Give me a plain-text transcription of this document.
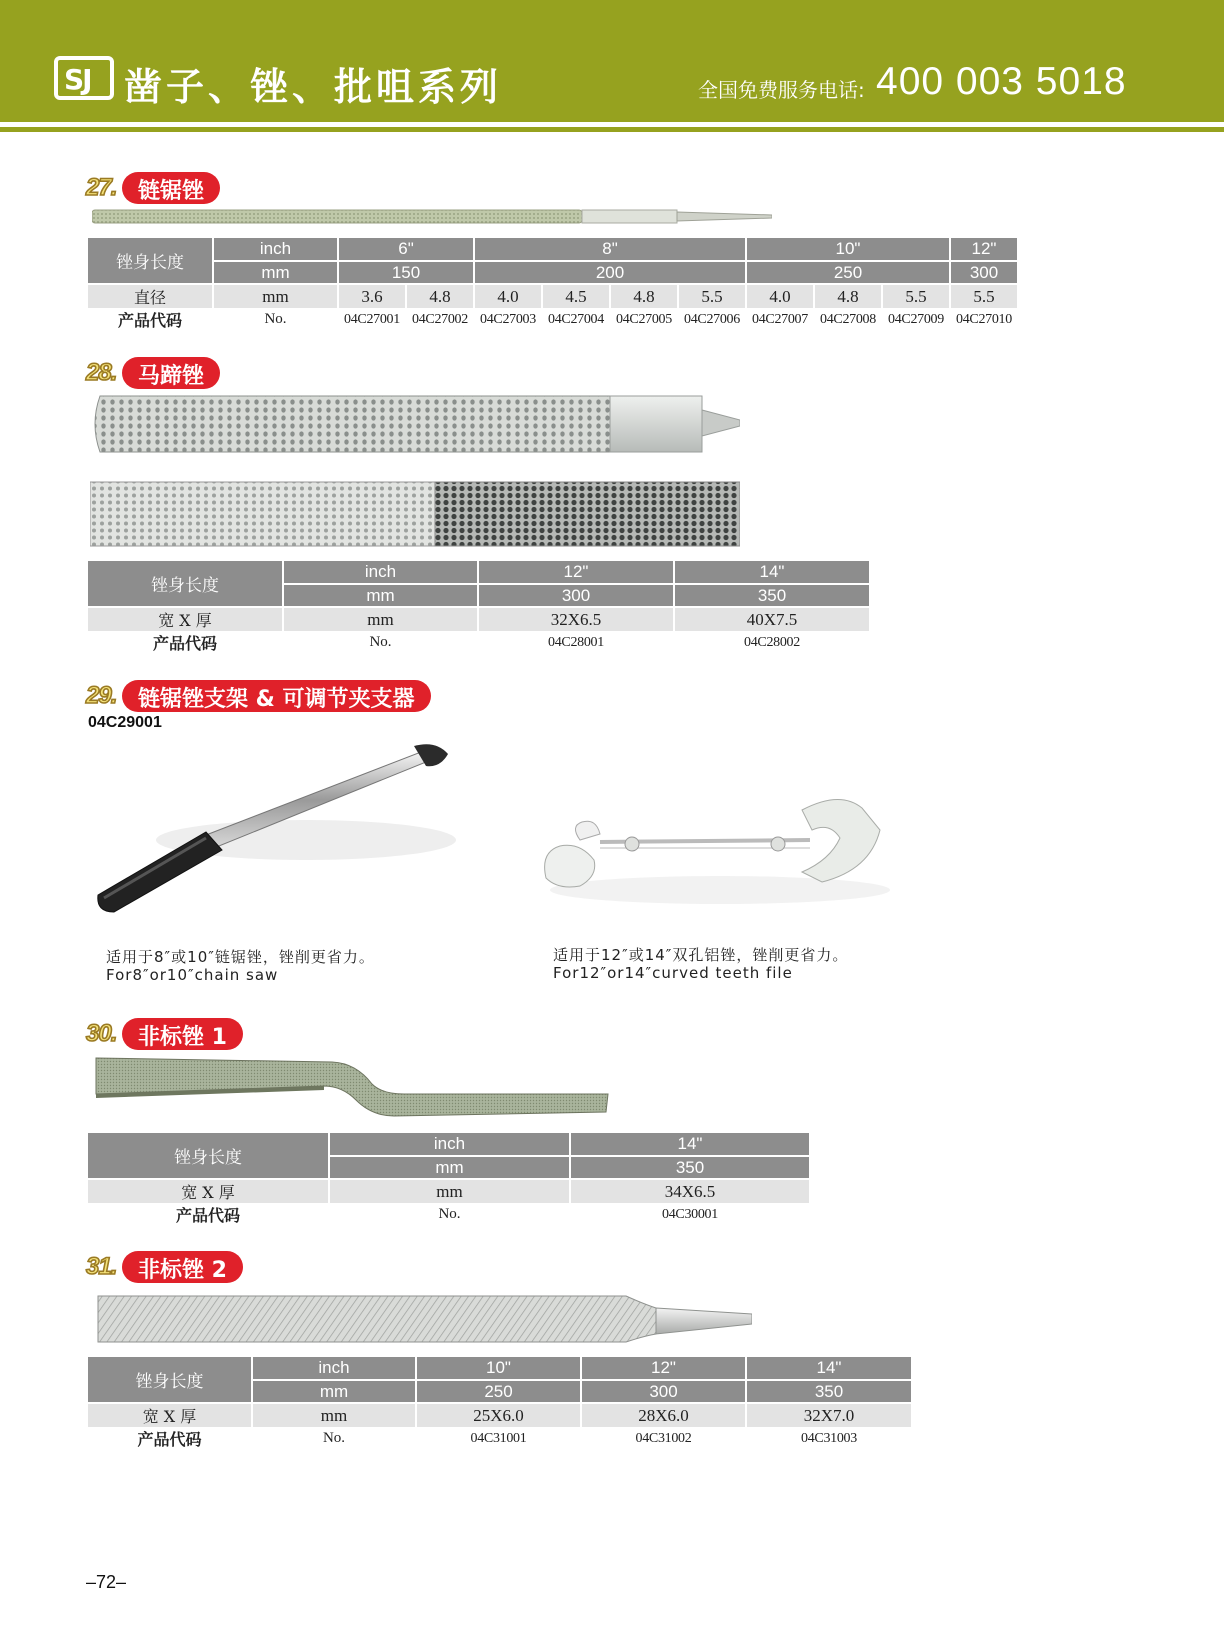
SJ 凿子、锉、批咀系列	全国免费服务电话: 400 003 5018
27. 链锯锉
锉身长度	inch	6"		8"				10"			12"
	mm	150		200				250			300
直径	mm	3.6	4.8	4.0	4.5	4.8	5.5	4.0	4.8	5.5	5.5
产品代码	No.	04C27001	04C27002	04C27003	04C27004	04C27005	04C27006	04C27007	04C27008	04C27009	04C27010
28. 马蹄锉
锉身长度	inch	12"	14"
	mm	300	350
宽 X 厚	mm	32X6.5	40X7.5
产品代码	No.	04C28001	04C28002
29. 链锯锉支架 & 可调节夹支器
04C29001
适用于8″或10″链锯锉，锉削更省力。
For8″or10″chain saw
适用于12″或14″双孔铝锉，锉削更省力。
For12″or14″curved teeth file
30. 非标锉 1
锉身长度	inch	14"
	mm	350
宽 X 厚	mm	34X6.5
产品代码	No.	04C30001
31. 非标锉 2
锉身长度	inch	10"	12"	14"
	mm	250	300	350
宽 X 厚	mm	25X6.0	28X6.0	32X7.0
产品代码	No.	04C31001	04C31002	04C31003
–72–
